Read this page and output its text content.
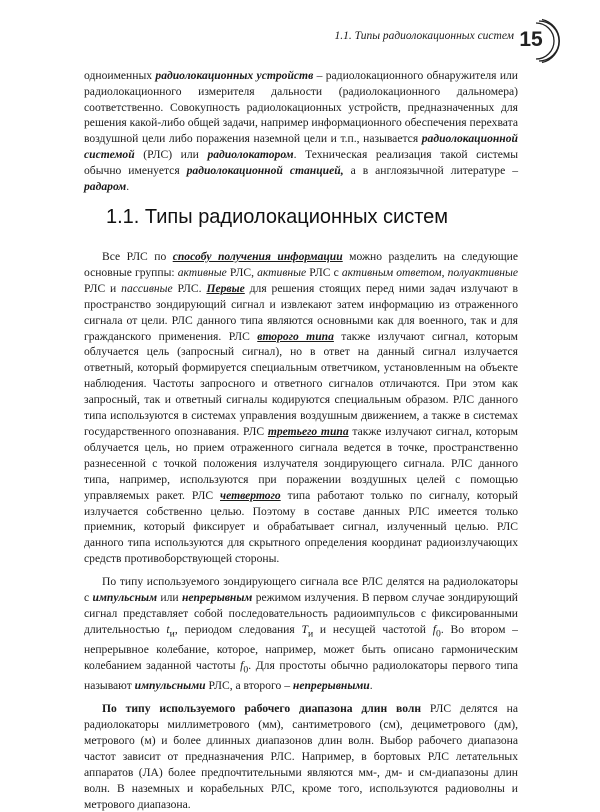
1.1. Типы радиолокационных систем 15
одноименных радиолокационных устройств – радиолокационного обнаружителя или радиолокационного измерителя дальности (радиолокационного дальномера) соответственно. Совокупность радиолокационных устройств, предназначенных для решения какой-либо общей задачи, например информационного обеспечения перехвата воздушной цели либо поражения наземной цели и т.п., называется радиолокационной системой (РЛС) или радиолокатором. Техническая реализация такой системы обычно именуется радиолокационной станцией, а в англоязычной литературе – радаром.
1.1. Типы радиолокационных систем

Все РЛС по способу получения информации можно разделить на следующие основные группы: активные РЛС, активные РЛС с активным ответом, полуактивные РЛС и пассивные РЛС. Первые для решения стоящих перед ними задач излучают в пространство зондирующий сигнал и извлекают затем информацию из отраженного сигнала от цели. РЛС данного типа являются основными как для военного, так и для гражданского применения. РЛС второго типа также излучают сигнал, которым облучается цель (запросный сигнал), но в ответ на данный сигнал излучается ответный, который формируется специальным ответчиком, установленным на объекте наблюдения. Частоты запросного и ответного сигналов отличаются. При этом как запросный, так и ответный сигналы кодируются специальным образом. РЛС данного типа используются в системах управления воздушным движением, а также в системах государственного опознавания. РЛС третьего типа также излучают сигнал, которым облучается цель, но прием отраженного сигнала ведется в точке, пространственно разнесенной с точкой положения излучателя зондирующего сигнала. РЛС данного типа, например, используются при поражении воздушных целей с помощью управляемых ракет. РЛС четвертого типа работают только по сигналу, который излучается собственно целью. Поэтому в составе данных РЛС имеется только приемник, который фиксирует и обрабатывает сигнал, излученный целью. РЛС данного типа используются для скрытного определения координат радиоизлучающих средств противоборствующей стороны.

По типу используемого зондирующего сигнала все РЛС делятся на радиолокаторы с импульсным или непрерывным режимом излучения. В первом случае зондирующий сигнал представляет собой последовательность радиоимпульсов с фиксированными длительностью $t_и$, периодом следования $T_и$ и несущей частотой $f_0$. Во втором – непрерывное колебание, которое, например, может быть описано гармоническим колебанием заданной частоты $f_0$. Для простоты обычно радиолокаторы первого типа называют импульсными РЛС, а второго – непрерывными.

По типу используемого рабочего диапазона длин волн РЛС делятся на радиолокаторы миллиметрового (мм), сантиметрового (см), дециметрового (дм), метрового (м) и более длинных диапазонов длин волн. Выбор рабочего диапазона частот зависит от предназначения РЛС. Например, в бортовых РЛС летательных аппаратов (ЛА) более предпочтительными являются мм-, дм- и см-диапазоны длин волн. В наземных и корабельных РЛС, кроме того, используются радиоволны и метрового диапазона.
